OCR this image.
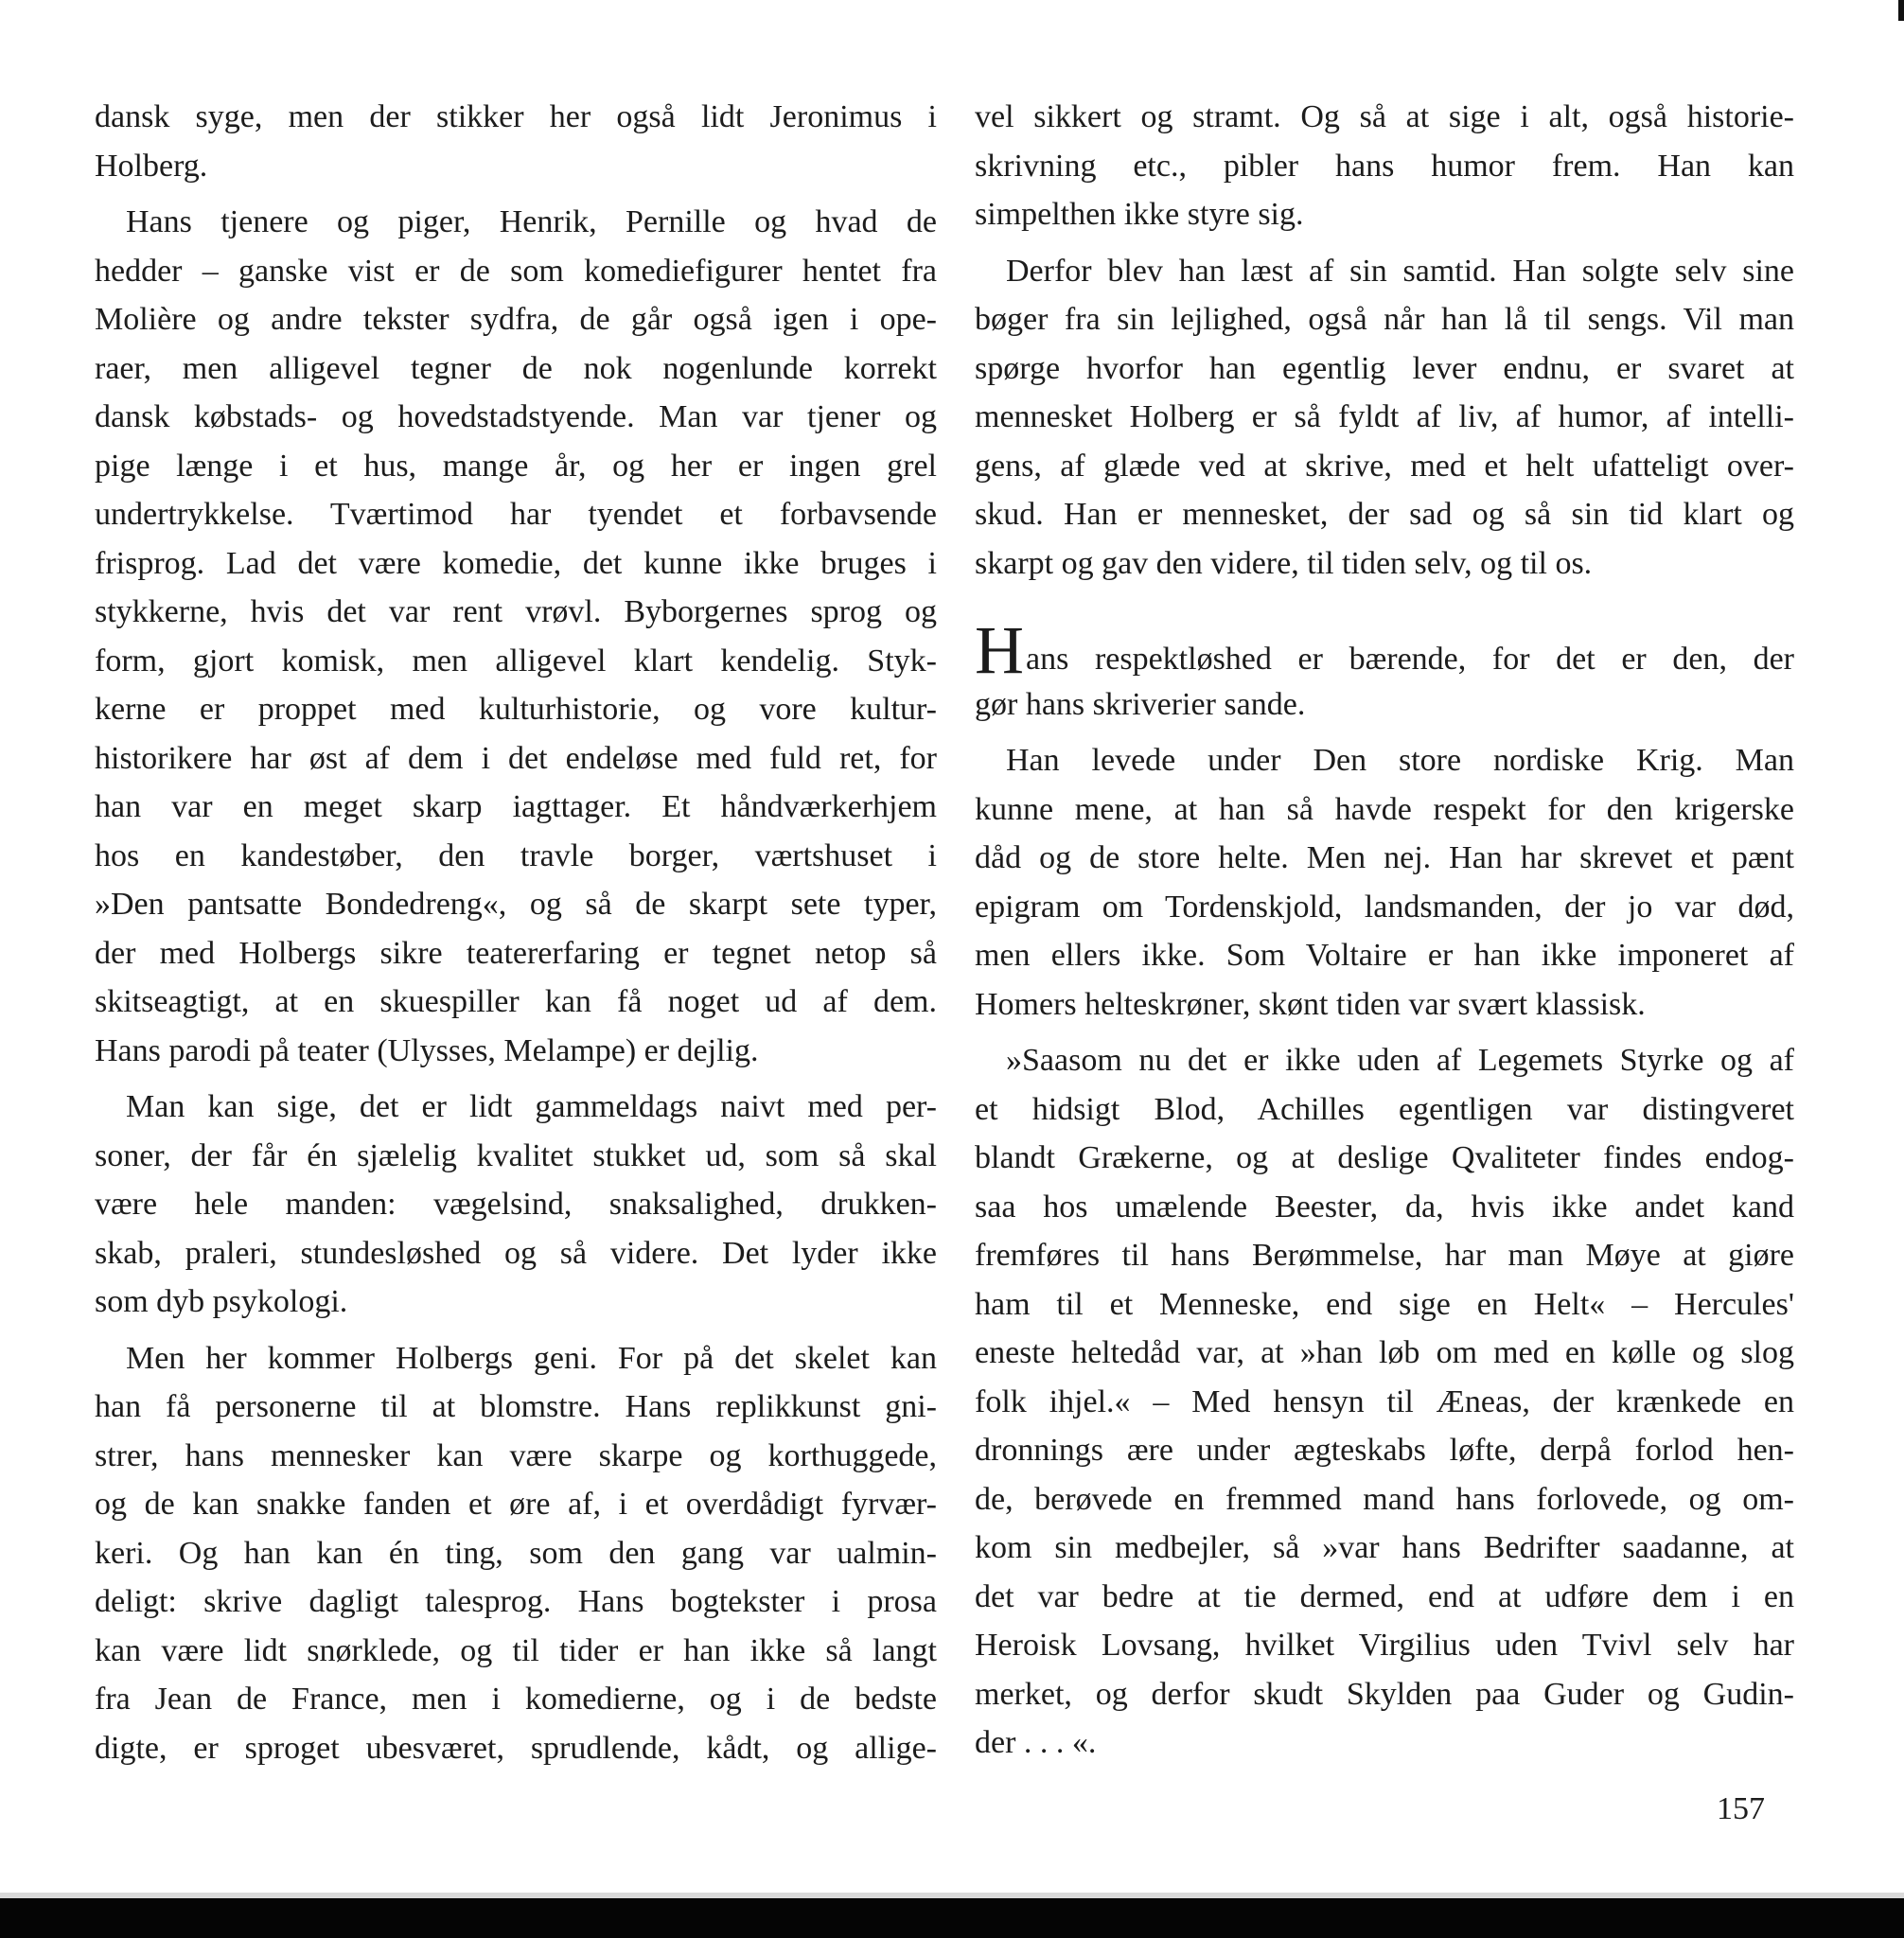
dansk syge, men der stikker her også lidt Jeronimus i
Holberg.
Hans tjenere og piger, Henrik, Pernille og hvad de
hedder – ganske vist er de som komediefigurer hentet fra
Molière og andre tekster sydfra, de går også igen i ope-
raer, men alligevel tegner de nok nogenlunde korrekt
dansk købstads- og hovedstadstyende. Man var tjener og
pige længe i et hus, mange år, og her er ingen grel
undertrykkelse. Tværtimod har tyendet et forbavsende
frisprog. Lad det være komedie, det kunne ikke bruges i
stykkerne, hvis det var rent vrøvl. Byborgernes sprog og
form, gjort komisk, men alligevel klart kendelig. Styk-
kerne er proppet med kulturhistorie, og vore kultur-
historikere har øst af dem i det endeløse med fuld ret, for
han var en meget skarp iagttager. Et håndværkerhjem
hos en kandestøber, den travle borger, værtshuset i
»Den pantsatte Bondedreng«, og så de skarpt sete typer,
der med Holbergs sikre teatererfaring er tegnet netop så
skitseagtigt, at en skuespiller kan få noget ud af dem.
Hans parodi på teater (Ulysses, Melampe) er dejlig.
Man kan sige, det er lidt gammeldags naivt med per-
soner, der får én sjælelig kvalitet stukket ud, som så skal
være hele manden: vægelsind, snaksalighed, drukken-
skab, praleri, stundesløshed og så videre. Det lyder ikke
som dyb psykologi.
Men her kommer Holbergs geni. For på det skelet kan
han få personerne til at blomstre. Hans replikkunst gni-
strer, hans mennesker kan være skarpe og korthuggede,
og de kan snakke fanden et øre af, i et overdådigt fyrvær-
keri. Og han kan én ting, som den gang var ualmin-
deligt: skrive dagligt talesprog. Hans bogtekster i prosa
kan være lidt snørklede, og til tider er han ikke så langt
fra Jean de France, men i komedierne, og i de bedste
digte, er sproget ubesværet, sprudlende, kådt, og allige-
vel sikkert og stramt. Og så at sige i alt, også historie-
skrivning etc., pibler hans humor frem. Han kan
simpelthen ikke styre sig.
Derfor blev han læst af sin samtid. Han solgte selv sine
bøger fra sin lejlighed, også når han lå til sengs. Vil man
spørge hvorfor han egentlig lever endnu, er svaret at
mennesket Holberg er så fyldt af liv, af humor, af intelli-
gens, af glæde ved at skrive, med et helt ufatteligt over-
skud. Han er mennesket, der sad og så sin tid klart og
skarpt og gav den videre, til tiden selv, og til os.
Hans respektløshed er bærende, for det er den, der
gør hans skriverier sande.
Han levede under Den store nordiske Krig. Man
kunne mene, at han så havde respekt for den krigerske
dåd og de store helte. Men nej. Han har skrevet et pænt
epigram om Tordenskjold, landsmanden, der jo var død,
men ellers ikke. Som Voltaire er han ikke imponeret af
Homers helteskrøner, skønt tiden var svært klassisk.
»Saasom nu det er ikke uden af Legemets Styrke og af
et hidsigt Blod, Achilles egentligen var distingveret
blandt Grækerne, og at deslige Qvaliteter findes endog-
saa hos umælende Beester, da, hvis ikke andet kand
fremføres til hans Berømmelse, har man Møye at giøre
ham til et Menneske, end sige en Helt« – Hercules'
eneste heltedåd var, at »han løb om med en kølle og slog
folk ihjel.« – Med hensyn til Æneas, der krænkede en
dronnings ære under ægteskabs løfte, derpå forlod hen-
de, berøvede en fremmed mand hans forlovede, og om-
kom sin medbejler, så »var hans Bedrifter saadanne, at
det var bedre at tie dermed, end at udføre dem i en
Heroisk Lovsang, hvilket Virgilius uden Tvivl selv har
merket, og derfor skudt Skylden paa Guder og Gudin-
der . . . «.
157
